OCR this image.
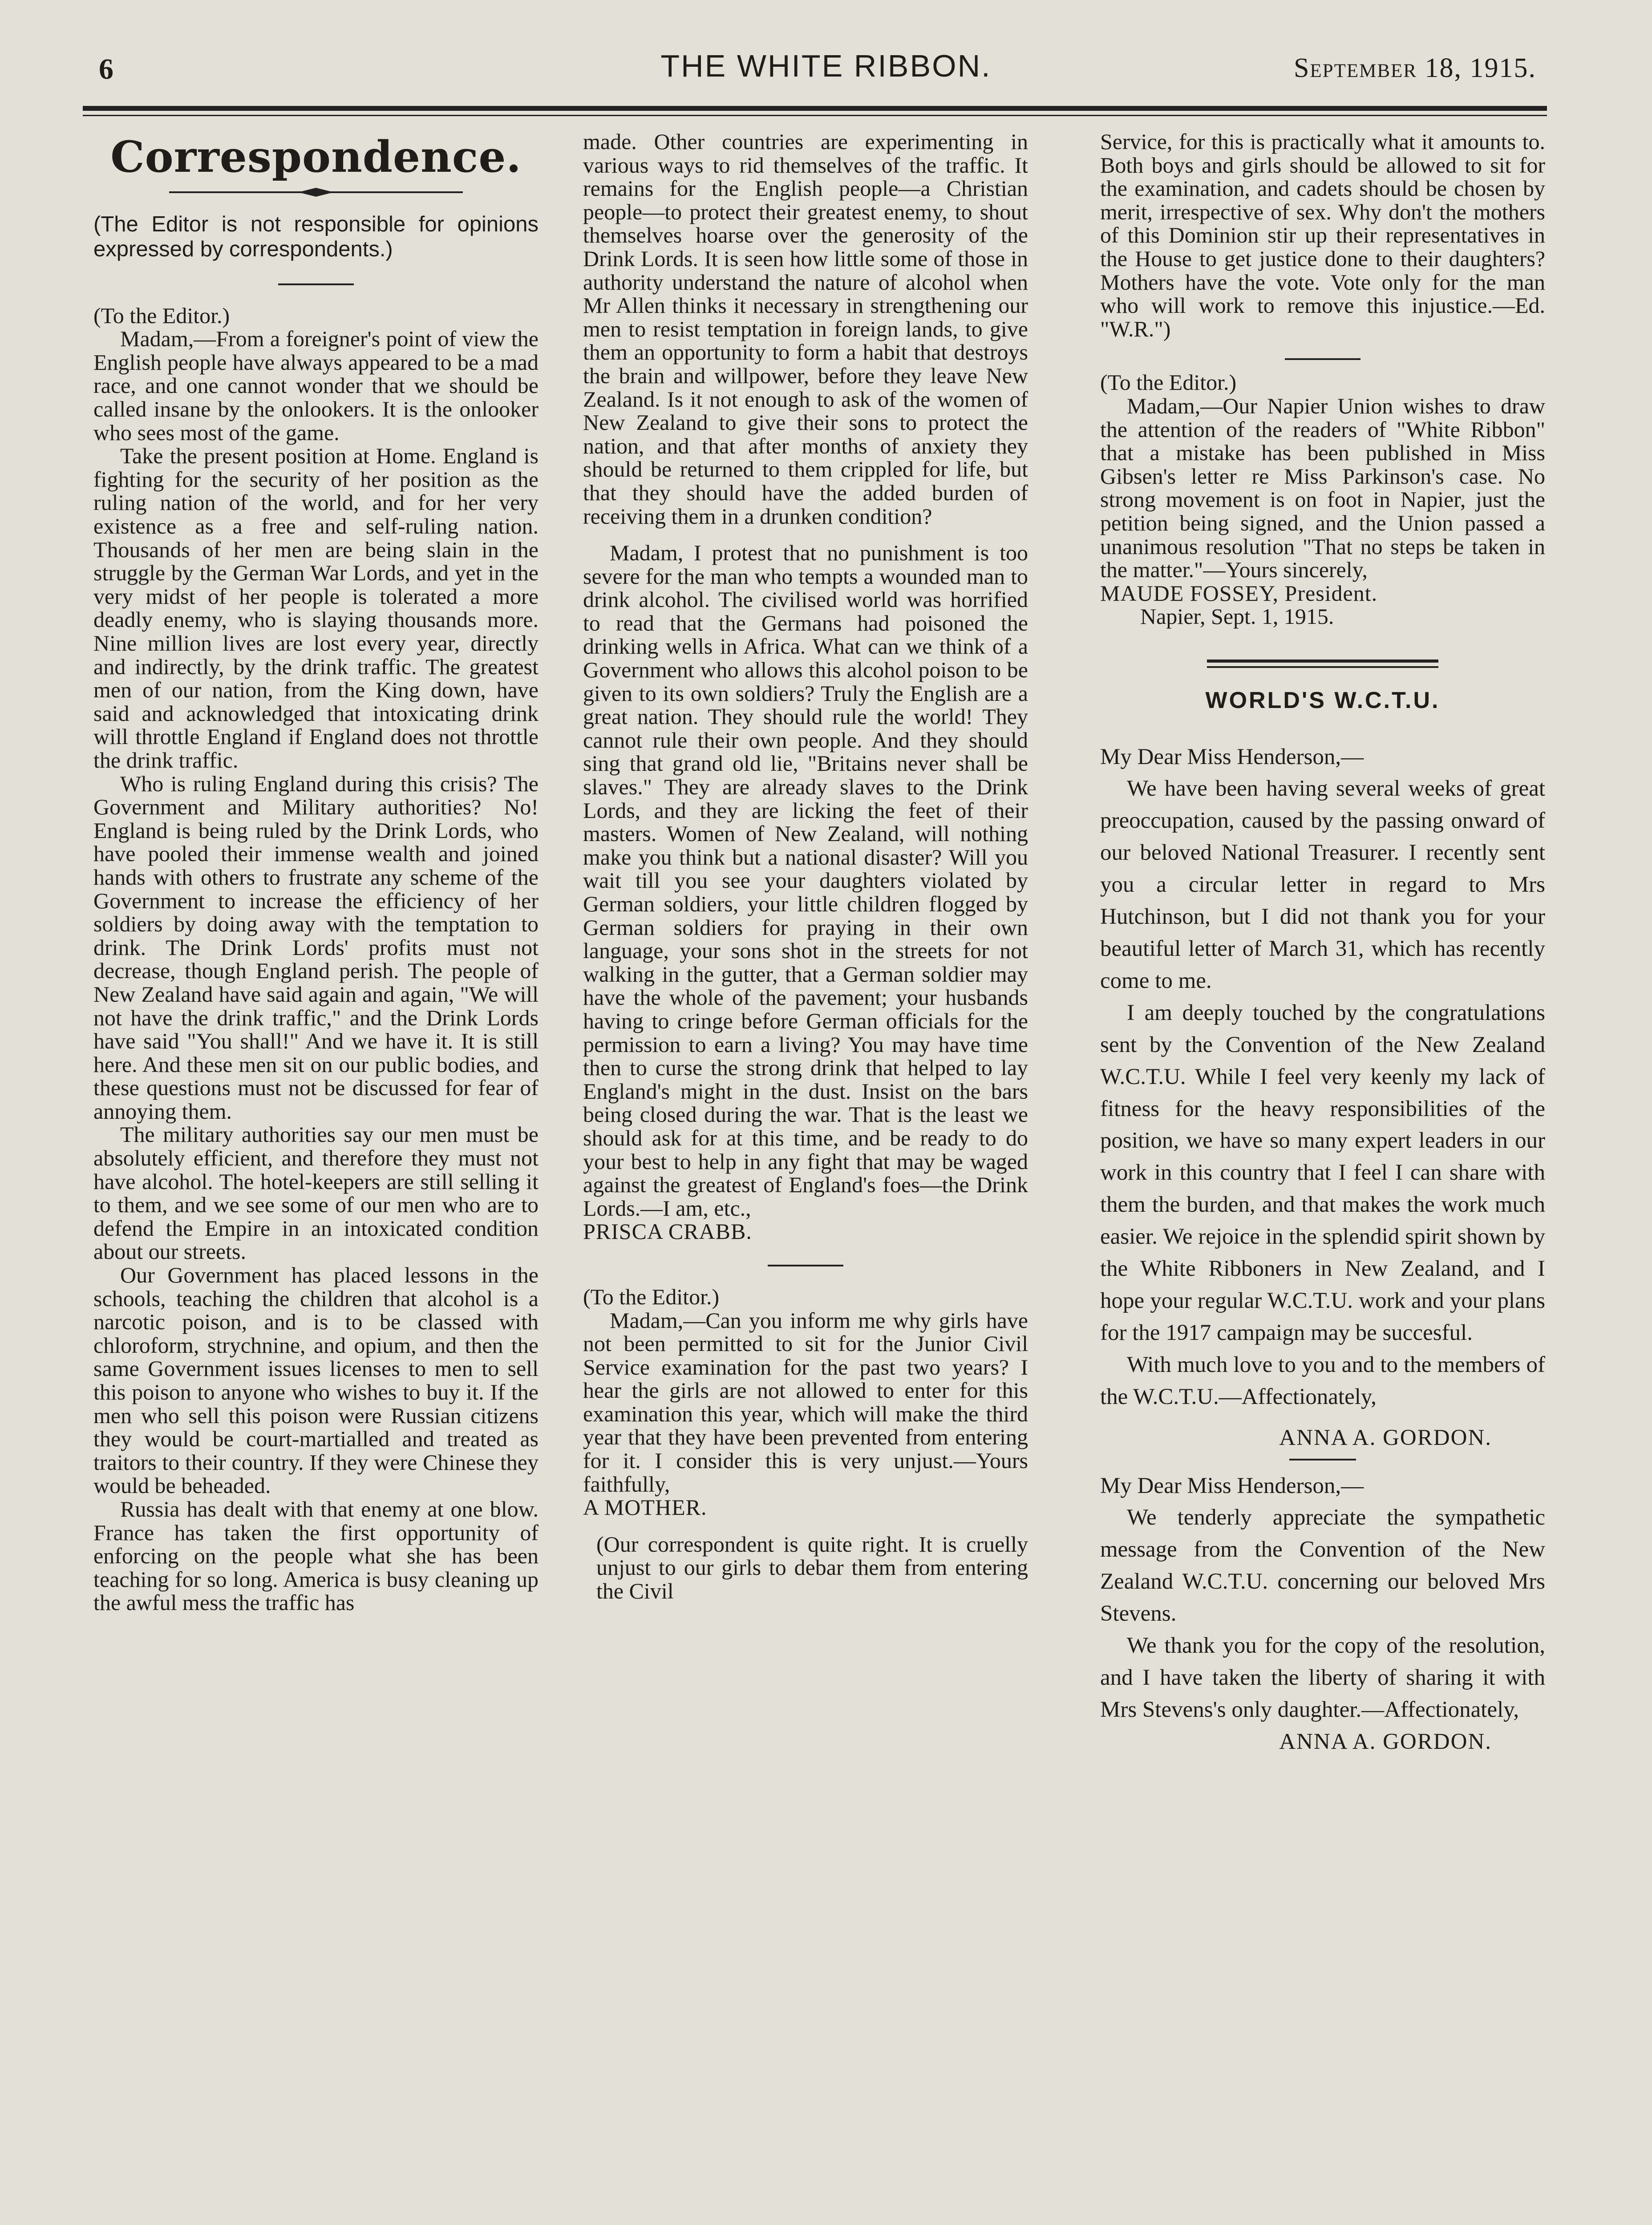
6	THE WHITE RIBBON.	September 18, 1915.
Correspondence.

(The Editor is not responsible for opinions expressed by correspondents.)

(To the Editor.)

Madam,—From a foreigner's point of view the English people have always appeared to be a mad race, and one cannot wonder that we should be called insane by the onlookers. It is the onlooker who sees most of the game.

Take the present position at Home. England is fighting for the security of her position as the ruling nation of the world, and for her very existence as a free and self-ruling nation. Thousands of her men are being slain in the struggle by the German War Lords, and yet in the very midst of her people is tolerated a more deadly enemy, who is slaying thousands more. Nine million lives are lost every year, directly and indirectly, by the drink traffic. The greatest men of our nation, from the King down, have said and acknowledged that intoxicating drink will throttle England if England does not throttle the drink traffic.

Who is ruling England during this crisis? The Government and Military authorities? No! England is being ruled by the Drink Lords, who have pooled their immense wealth and joined hands with others to frustrate any scheme of the Government to increase the efficiency of her soldiers by doing away with the temptation to drink. The Drink Lords' profits must not decrease, though England perish. The people of New Zealand have said again and again, "We will not have the drink traffic," and the Drink Lords have said "You shall!" And we have it. It is still here. And these men sit on our public bodies, and these questions must not be discussed for fear of annoying them.

The military authorities say our men must be absolutely efficient, and therefore they must not have alcohol. The hotel-keepers are still selling it to them, and we see some of our men who are to defend the Empire in an intoxicated condition about our streets.

Our Government has placed lessons in the schools, teaching the children that alcohol is a narcotic poison, and is to be classed with chloroform, strychnine, and opium, and then the same Government issues licenses to men to sell this poison to anyone who wishes to buy it. If the men who sell this poison were Russian citizens they would be court-martialled and treated as traitors to their country. If they were Chinese they would be beheaded.

Russia has dealt with that enemy at one blow. France has taken the first opportunity of enforcing on the people what she has been teaching for so long. America is busy cleaning up the awful mess the traffic has

made. Other countries are experimenting in various ways to rid themselves of the traffic. It remains for the English people—a Christian people—to protect their greatest enemy, to shout themselves hoarse over the generosity of the Drink Lords. It is seen how little some of those in authority understand the nature of alcohol when Mr Allen thinks it necessary in strengthening our men to resist temptation in foreign lands, to give them an opportunity to form a habit that destroys the brain and willpower, before they leave New Zealand. Is it not enough to ask of the women of New Zealand to give their sons to protect the nation, and that after months of anxiety they should be returned to them crippled for life, but that they should have the added burden of receiving them in a drunken condition?

Madam, I protest that no punishment is too severe for the man who tempts a wounded man to drink alcohol. The civilised world was horrified to read that the Germans had poisoned the drinking wells in Africa. What can we think of a Government who allows this alcohol poison to be given to its own soldiers? Truly the English are a great nation. They should rule the world! They cannot rule their own people. And they should sing that grand old lie, "Britains never shall be slaves." They are already slaves to the Drink Lords, and they are licking the feet of their masters. Women of New Zealand, will nothing make you think but a national disaster? Will you wait till you see your daughters violated by German soldiers, your little children flogged by German soldiers for praying in their own language, your sons shot in the streets for not walking in the gutter, that a German soldier may have the whole of the pavement; your husbands having to cringe before German officials for the permission to earn a living? You may have time then to curse the strong drink that helped to lay England's might in the dust. Insist on the bars being closed during the war. That is the least we should ask for at this time, and be ready to do your best to help in any fight that may be waged against the greatest of England's foes—the Drink Lords.—I am, etc.,

PRISCA CRABB.

(To the Editor.)

Madam,—Can you inform me why girls have not been permitted to sit for the Junior Civil Service examination for the past two years? I hear the girls are not allowed to enter for this examination this year, which will make the third year that they have been prevented from entering for it. I consider this is very unjust.—Yours faithfully,

A MOTHER.

(Our correspondent is quite right. It is cruelly unjust to our girls to debar them from entering the Civil

Service, for this is practically what it amounts to. Both boys and girls should be allowed to sit for the examination, and cadets should be chosen by merit, irrespective of sex. Why don't the mothers of this Dominion stir up their representatives in the House to get justice done to their daughters? Mothers have the vote. Vote only for the man who will work to remove this injustice.—Ed. "W.R.")

(To the Editor.)

Madam,—Our Napier Union wishes to draw the attention of the readers of "White Ribbon" that a mistake has been published in Miss Gibsen's letter re Miss Parkinson's case. No strong movement is on foot in Napier, just the petition being signed, and the Union passed a unanimous resolution "That no steps be taken in the matter."—Yours sincerely,

MAUDE FOSSEY, President.

Napier, Sept. 1, 1915.

WORLD'S W.C.T.U.

My Dear Miss Henderson,—

We have been having several weeks of great preoccupation, caused by the passing onward of our beloved National Treasurer. I recently sent you a circular letter in regard to Mrs Hutchinson, but I did not thank you for your beautiful letter of March 31, which has recently come to me.

I am deeply touched by the congratulations sent by the Convention of the New Zealand W.C.T.U. While I feel very keenly my lack of fitness for the heavy responsibilities of the position, we have so many expert leaders in our work in this country that I feel I can share with them the burden, and that makes the work much easier. We rejoice in the splendid spirit shown by the White Ribboners in New Zealand, and I hope your regular W.C.T.U. work and your plans for the 1917 campaign may be succesful.

With much love to you and to the members of the W.C.T.U.—Affectionately,

ANNA A. GORDON.

My Dear Miss Henderson,—

We tenderly appreciate the sympathetic message from the Convention of the New Zealand W.C.T.U. concerning our beloved Mrs Stevens.

We thank you for the copy of the resolution, and I have taken the liberty of sharing it with Mrs Stevens's only daughter.—Affectionately,

ANNA A. GORDON.
